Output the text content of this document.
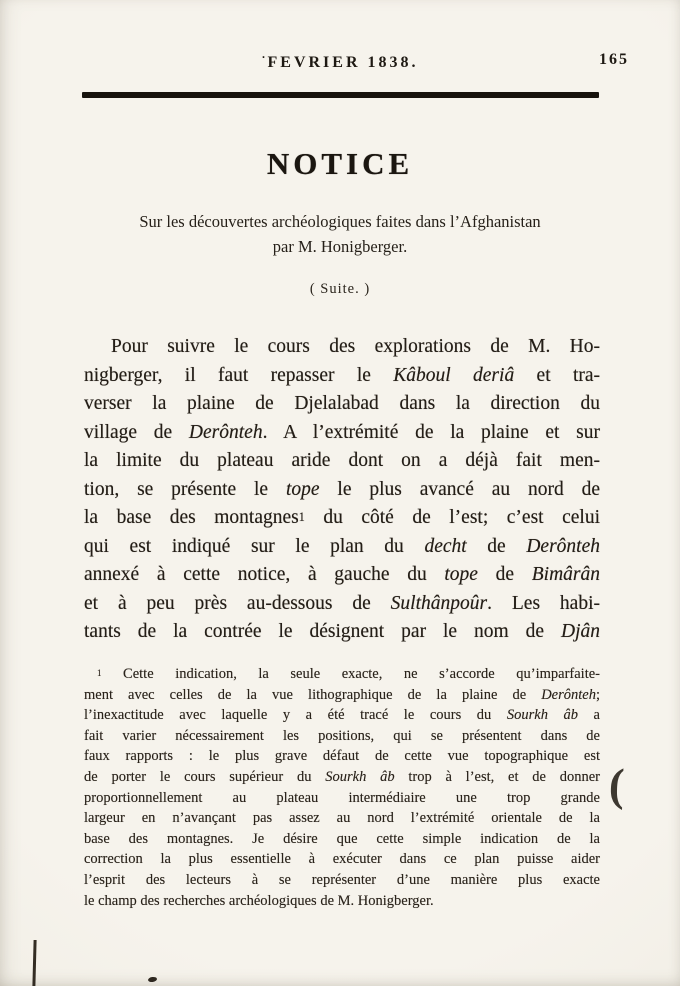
· FEVRIER 1838.	165
NOTICE

Sur les découvertes archéologiques faites dans l’Afghanistan
par M. Honigberger.

( Suite. )

Pour suivre le cours des explorations de M. Ho-
nigberger, il faut repasser le Kâboul deriâ et tra-
verser la plaine de Djelalabad dans la direction du
village de Derônteh. A l’extrémité de la plaine et sur
la limite du plateau aride dont on a déjà fait men-
tion, se présente le tope le plus avancé au nord de
la base des montagnes$^1$ du côté de l’est; c’est celui
qui est indiqué sur le plan du decht de Derônteh
annexé à cette notice, à gauche du tope de Bimârân
et à peu près au-dessous de Sulthânpoûr. Les habi-
tants de la contrée le désignent par le nom de Djân
$^1$ Cette indication, la seule exacte, ne s’accorde qu’imparfaite-
ment avec celles de la vue lithographique de la plaine de Derônteh;
l’inexactitude avec laquelle y a été tracé le cours du Sourkh âb a
fait varier nécessairement les positions, qui se présentent dans de
faux rapports : le plus grave défaut de cette vue topographique est
de porter le cours supérieur du Sourkh âb trop à l’est, et de donner
proportionnellement au plateau intermédiaire une trop grande
largeur en n’avançant pas assez au nord l’extrémité orientale de la
base des montagnes. Je désire que cette simple indication de la
correction la plus essentielle à exécuter dans ce plan puisse aider
l’esprit des lecteurs à se représenter d’une manière plus exacte
le champ des recherches archéologiques de M. Honigberger.
(
